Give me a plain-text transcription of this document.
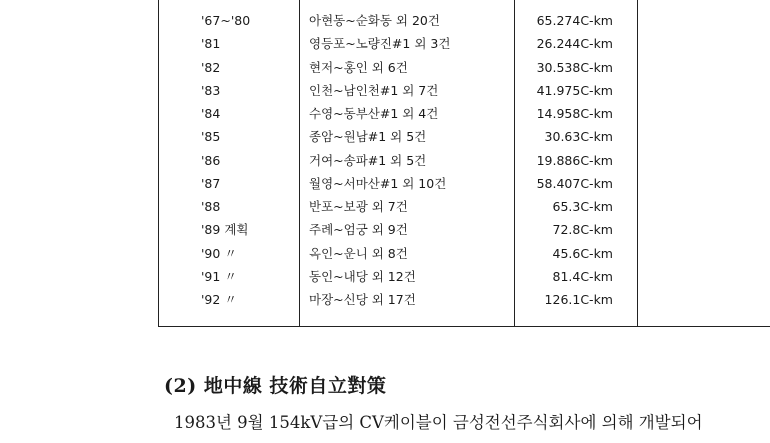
'67~'80	아현동~순화동 외 20건	65.274C-km
'81	영등포~노량진#1 외 3건	26.244C-km
'82	현저~홍인 외 6건	30.538C-km
'83	인천~남인천#1 외 7건	41.975C-km
'84	수영~동부산#1 외 4건	14.958C-km
'85	종암~원남#1 외 5건	30.63C-km
'86	거여~송파#1 외 5건	19.886C-km
'87	월영~서마산#1 외 10건	58.407C-km
'88	반포~보광 외 7건	65.3C-km
'89 계획	주례~엄궁 외 9건	72.8C-km
'90 〃	옥인~운니 외 8건	45.6C-km
'91 〃	동인~내당 외 12건	81.4C-km
'92 〃	마장~신당 외 17건	126.1C-km
(2) 地中線 技術自立對策
1983년 9월 154kV급의 CV케이블이 금성전선주식회사에 의해 개발되어
